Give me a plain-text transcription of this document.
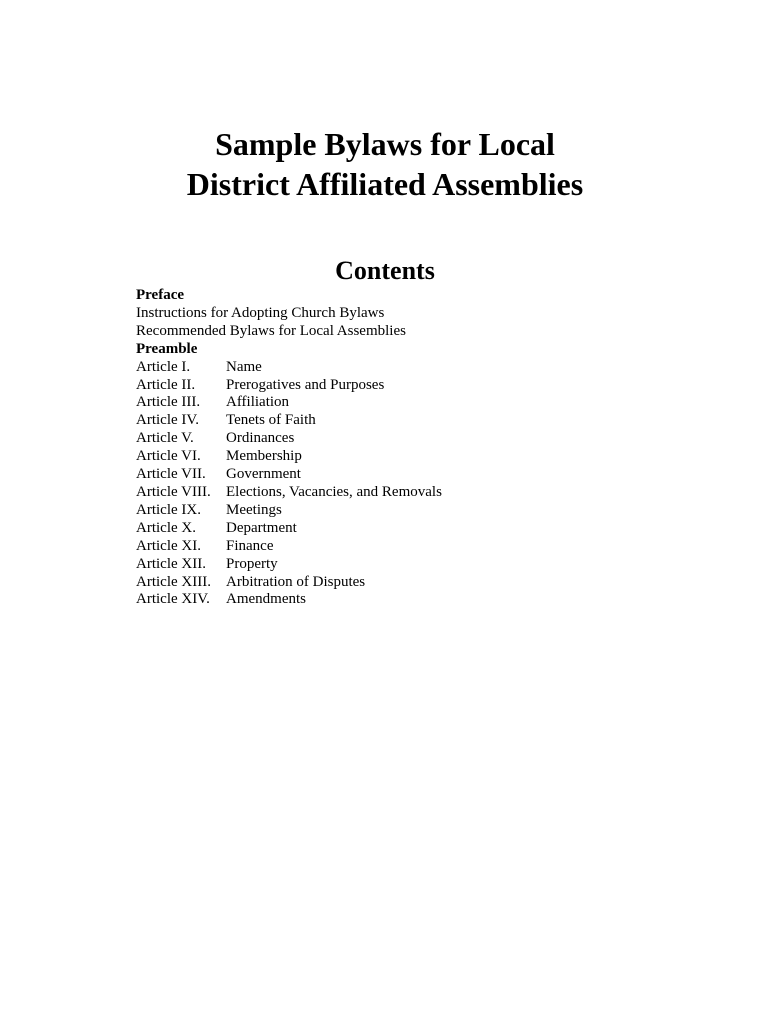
Sample Bylaws for Local
District Affiliated Assemblies
Contents
Preface
Instructions for Adopting Church Bylaws
Recommended Bylaws for Local Assemblies
Preamble
Article I.	Name
Article II.	Prerogatives and Purposes
Article III.	Affiliation
Article IV.	Tenets of Faith
Article V.	Ordinances
Article VI.	Membership
Article VII.	Government
Article VIII.	Elections, Vacancies, and Removals
Article IX.	Meetings
Article X.	Department
Article XI.	Finance
Article XII.	Property
Article XIII.	Arbitration of Disputes
Article XIV.	Amendments
